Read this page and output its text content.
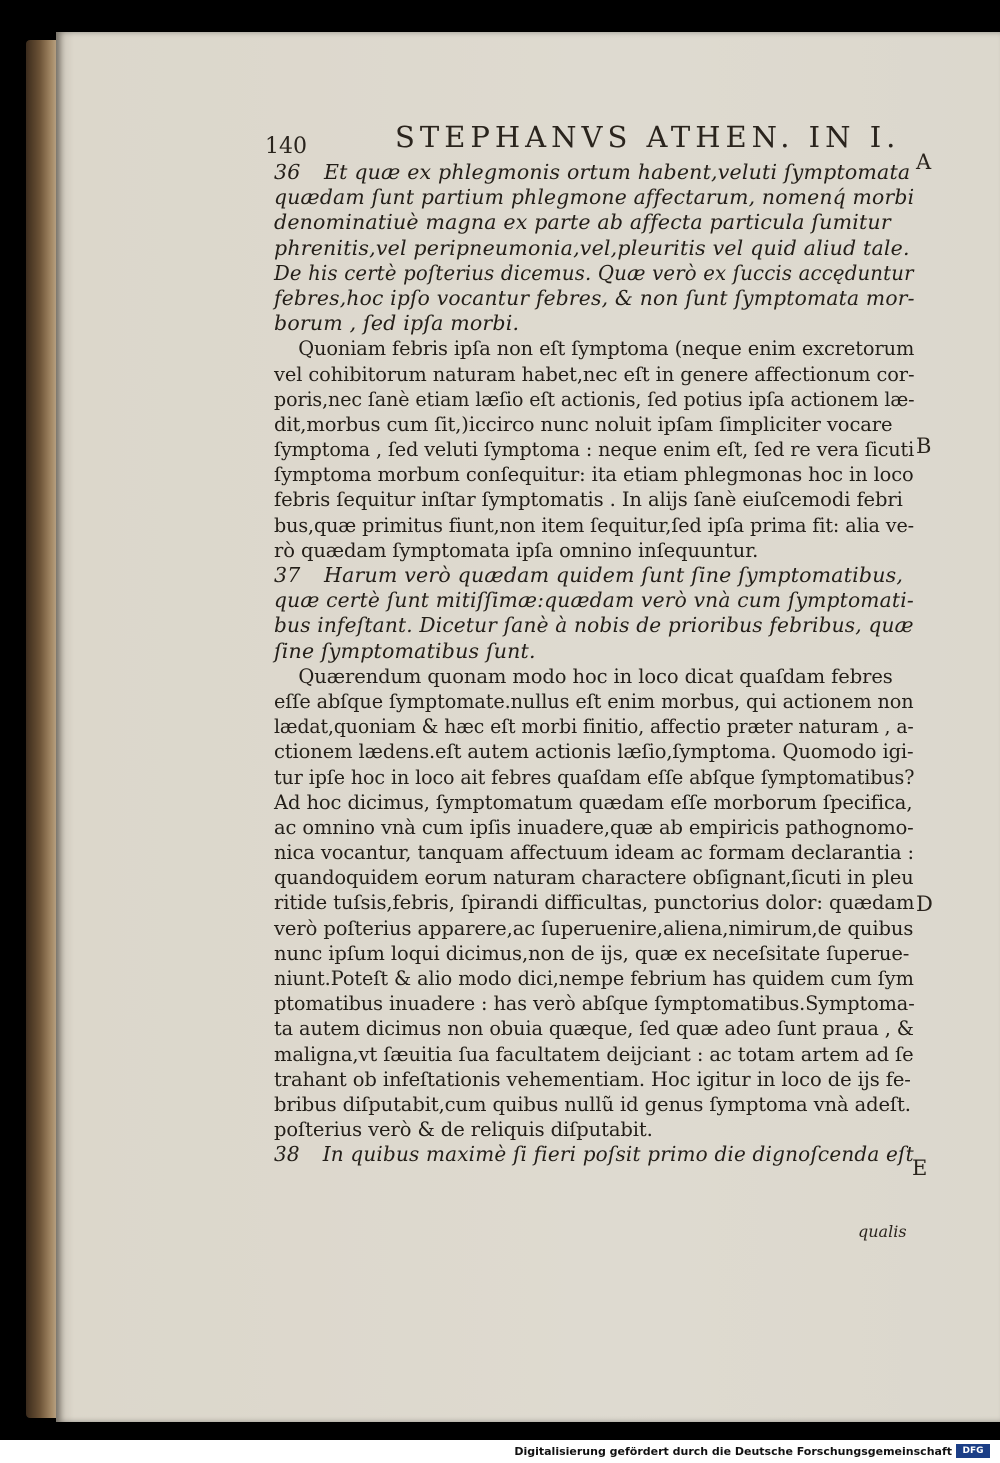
140	STEPHANVS ATHEN. IN I.
A
B
D
E
36 Et quæ ex phlegmonis ortum habent,veluti ſymptomata
quædam ſunt partium phlegmone affectarum, nomenq́ morbi
denominatiuè magna ex parte ab affecta particula ſumitur
phrenitis,vel peripneumonia,vel,pleuritis vel quid aliud tale.
De his certè poſterius dicemus. Quæ verò ex ſuccis accęduntur
febres,hoc ipſo vocantur febres, & non ſunt ſymptomata mor-
borum , ſed ipſa morbi.
Quoniam febris ipſa non eſt ſymptoma (neque enim excretorum
vel cohibitorum naturam habet,nec eſt in genere affectionum cor-
poris,nec ſanè etiam læſio eſt actionis, ſed potius ipſa actionem læ-
dit,morbus cum ſit,)iccirco nunc noluit ipſam ſimpliciter vocare
ſymptoma , ſed veluti ſymptoma : neque enim eſt, ſed re vera ſicuti
ſymptoma morbum conſequitur: ita etiam phlegmonas hoc in loco
febris ſequitur inſtar ſymptomatis . In alijs ſanè eiuſcemodi febri
bus,quæ primitus fiunt,non item ſequitur,ſed ipſa prima fit: alia ve-
rò quædam ſymptomata ipſa omnino inſequuntur.
37 Harum verò quædam quidem ſunt ſine ſymptomatibus,
quæ certè ſunt mitiſſimæ:quædam verò vnà cum ſymptomati-
bus infeſtant. Dicetur ſanè à nobis de prioribus febribus, quæ
ſine ſymptomatibus ſunt.
Quærendum quonam modo hoc in loco dicat quaſdam febres
eſſe abſque ſymptomate.nullus eſt enim morbus, qui actionem non
lædat,quoniam & hæc eſt morbi finitio, affectio præter naturam , a-
ctionem lædens.eſt autem actionis læſio,ſymptoma. Quomodo igi-
tur ipſe hoc in loco ait febres quaſdam eſſe abſque ſymptomatibus?
Ad hoc dicimus, ſymptomatum quædam eſſe morborum ſpecifica,
ac omnino vnà cum ipſis inuadere,quæ ab empiricis pathognomo-
nica vocantur, tanquam affectuum ideam ac formam declarantia :
quandoquidem eorum naturam charactere obſignant,ſicuti in pleu
ritide tuſsis,febris, ſpirandi difficultas, punctorius dolor: quædam
verò poſterius apparere,ac ſuperuenire,aliena,nimirum,de quibus
nunc ipſum loqui dicimus,non de ijs, quæ ex neceſsitate ſuperue-
niunt.Poteſt & alio modo dici,nempe febrium has quidem cum ſym
ptomatibus inuadere : has verò abſque ſymptomatibus.Symptoma-
ta autem dicimus non obuia quæque, ſed quæ adeo ſunt praua , &
maligna,vt ſæuitia ſua facultatem deijciant : ac totam artem ad ſe
trahant ob infeſtationis vehementiam. Hoc igitur in loco de ijs fe-
bribus diſputabit,cum quibus nullũ id genus ſymptoma vnà adeſt.
poſterius verò & de reliquis diſputabit.
38 In quibus maximè ſi fieri poſsit primo die dignoſcenda eſt
qualis
Digitalisierung gefördert durch die Deutsche Forschungsgemeinschaft	DFG
